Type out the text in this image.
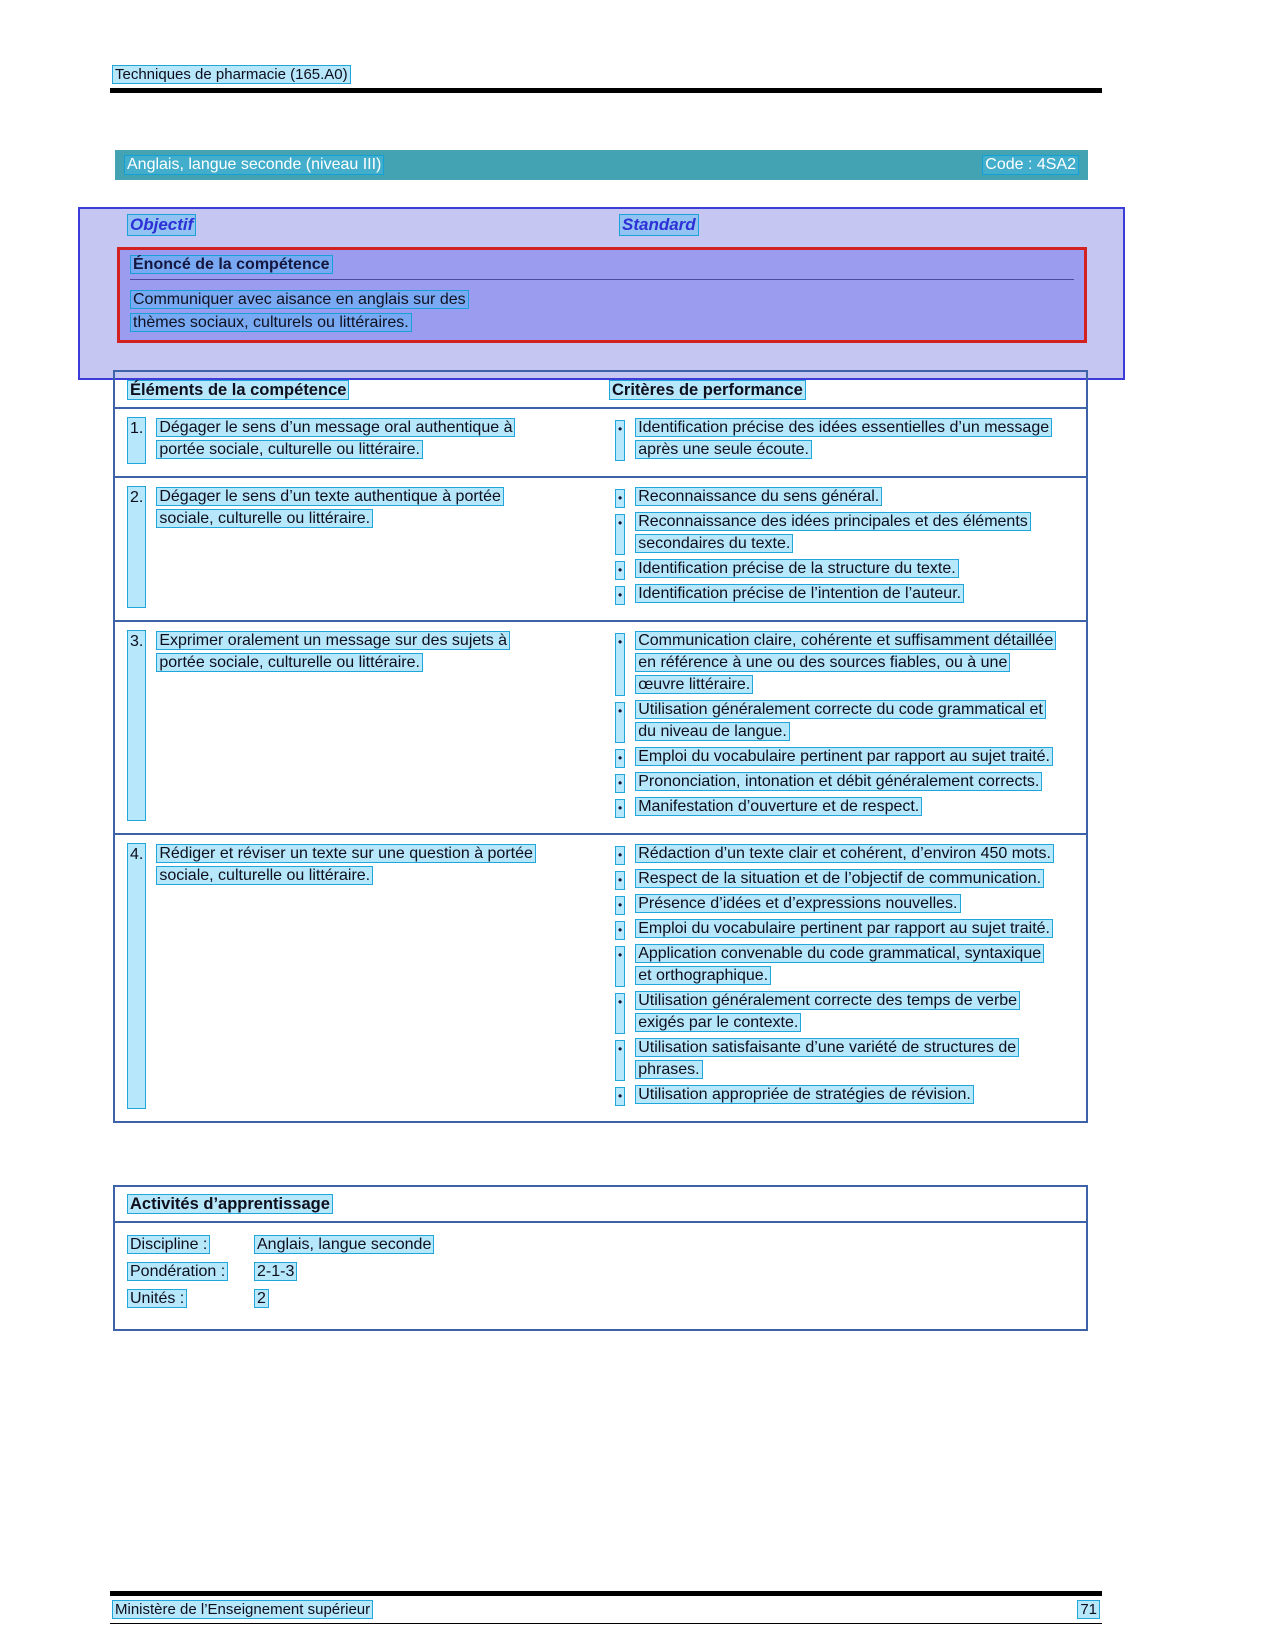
Techniques de pharmacie (165.A0)
Anglais, langue seconde (niveau III)	Code : 4SA2
Objectif	Standard
Énoncé de la compétence
Communiquer avec aisance en anglais sur des
thèmes sociaux, culturels ou littéraires.
Éléments de la compétence	Critères de performance
1. Dégager le sens d’un message oral authentique à portée sociale, culturelle ou littéraire.
• Identification précise des idées essentielles d’un message après une seule écoute.
2. Dégager le sens d’un texte authentique à portée sociale, culturelle ou littéraire.
• Reconnaissance du sens général.
• Reconnaissance des idées principales et des éléments secondaires du texte.
• Identification précise de la structure du texte.
• Identification précise de l’intention de l’auteur.
3. Exprimer oralement un message sur des sujets à portée sociale, culturelle ou littéraire.
• Communication claire, cohérente et suffisamment détaillée en référence à une ou des sources fiables, ou à une œuvre littéraire.
• Utilisation généralement correcte du code grammatical et du niveau de langue.
• Emploi du vocabulaire pertinent par rapport au sujet traité.
• Prononciation, intonation et débit généralement corrects.
• Manifestation d’ouverture et de respect.
4. Rédiger et réviser un texte sur une question à portée sociale, culturelle ou littéraire.
• Rédaction d’un texte clair et cohérent, d’environ 450 mots.
• Respect de la situation et de l’objectif de communication.
• Présence d’idées et d’expressions nouvelles.
• Emploi du vocabulaire pertinent par rapport au sujet traité.
• Application convenable du code grammatical, syntaxique et orthographique.
• Utilisation généralement correcte des temps de verbe exigés par le contexte.
• Utilisation satisfaisante d’une variété de structures de phrases.
• Utilisation appropriée de stratégies de révision.
Activités d’apprentissage
Discipline :	Anglais, langue seconde
Pondération :	2-1-3
Unités :	2
Ministère de l’Enseignement supérieur	71
